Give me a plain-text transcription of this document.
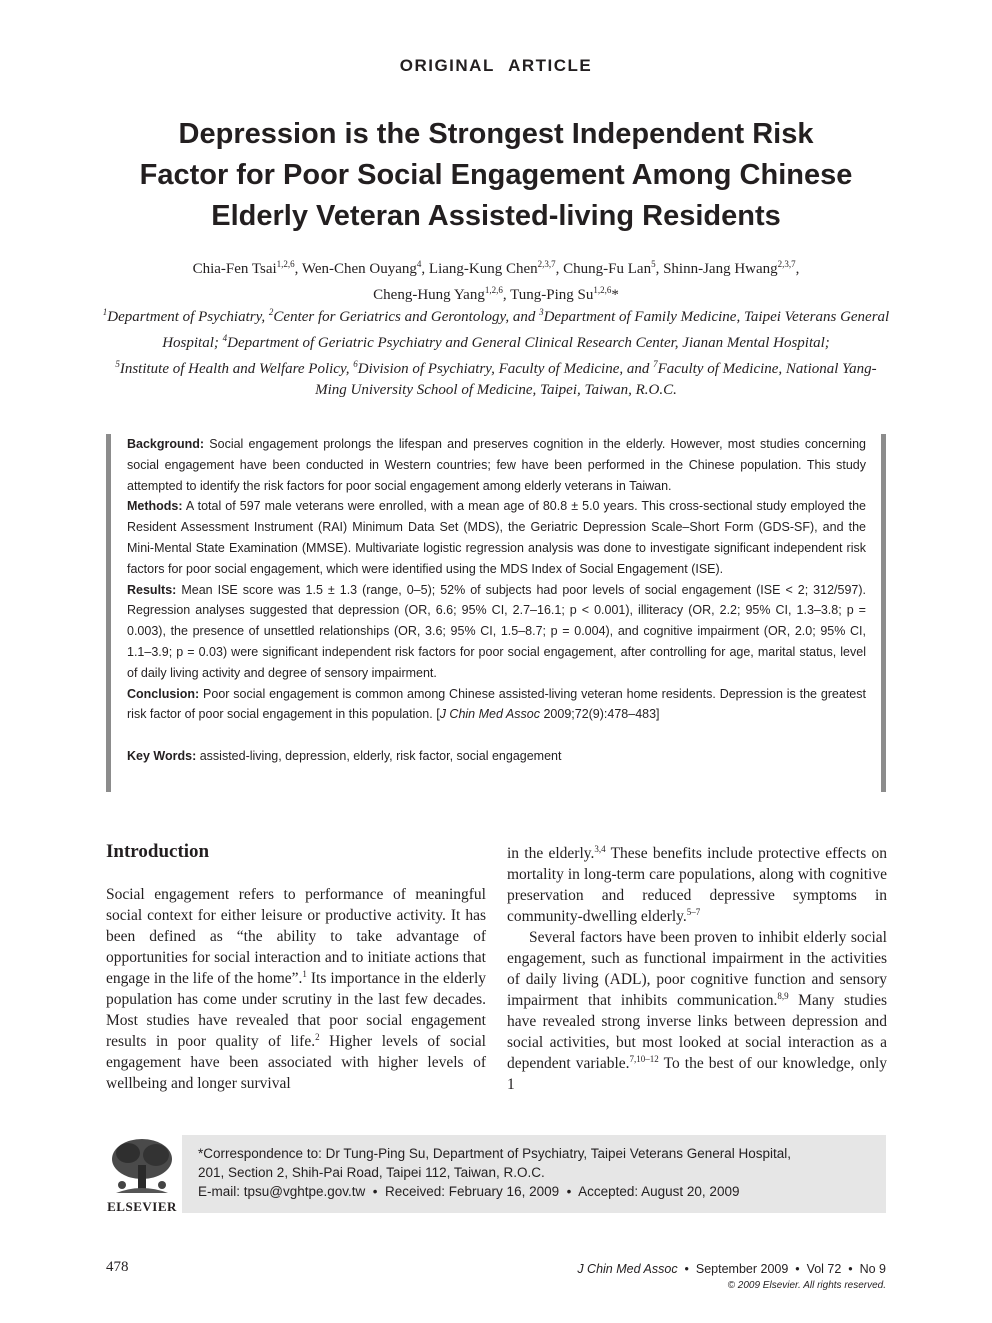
ORIGINAL ARTICLE
Depression is the Strongest Independent Risk
Factor for Poor Social Engagement Among Chinese
Elderly Veteran Assisted-living Residents
Chia-Fen Tsai$^{1,2,6}$, Wen-Chen Ouyang$^4$, Liang-Kung Chen$^{2,3,7}$, Chung-Fu Lan$^5$, Shinn-Jang Hwang$^{2,3,7}$,
Cheng-Hung Yang$^{1,2,6}$, Tung-Ping Su$^{1,2,6}$*
$^1$Department of Psychiatry, $^2$Center for Geriatrics and Gerontology, and $^3$Department of Family Medicine, Taipei Veterans General Hospital; $^4$Department of Geriatric Psychiatry and General Clinical Research Center, Jianan Mental Hospital;
$^5$Institute of Health and Welfare Policy, $^6$Division of Psychiatry, Faculty of Medicine, and $^7$Faculty of Medicine, National Yang-Ming University School of Medicine, Taipei, Taiwan, R.O.C.

Background: Social engagement prolongs the lifespan and preserves cognition in the elderly. However, most studies concerning social engagement have been conducted in Western countries; few have been performed in the Chinese population. This study attempted to identify the risk factors for poor social engagement among elderly veterans in Taiwan.

Methods: A total of 597 male veterans were enrolled, with a mean age of 80.8 ± 5.0 years. This cross-sectional study employed the Resident Assessment Instrument (RAI) Minimum Data Set (MDS), the Geriatric Depression Scale–Short Form (GDS-SF), and the Mini-Mental State Examination (MMSE). Multivariate logistic regression analysis was done to investigate significant independent risk factors for poor social engagement, which were identified using the MDS Index of Social Engagement (ISE).

Results: Mean ISE score was 1.5 ± 1.3 (range, 0–5); 52% of subjects had poor levels of social engagement (ISE < 2; 312/597). Regression analyses suggested that depression (OR, 6.6; 95% CI, 2.7–16.1; p < 0.001), illiteracy (OR, 2.2; 95% CI, 1.3–3.8; p = 0.003), the presence of unsettled relationships (OR, 3.6; 95% CI, 1.5–8.7; p = 0.004), and cognitive impairment (OR, 2.0; 95% CI, 1.1–3.9; p = 0.03) were significant independent risk factors for poor social engagement, after controlling for age, marital status, level of daily living activity and degree of sensory impairment.

Conclusion: Poor social engagement is common among Chinese assisted-living veteran home residents. Depression is the greatest risk factor of poor social engagement in this population. [J Chin Med Assoc 2009;72(9):478–483]

Key Words: assisted-living, depression, elderly, risk factor, social engagement

Introduction

Social engagement refers to performance of meaningful social context for either leisure or productive activity. It has been defined as “the ability to take advantage of opportunities for social interaction and to initiate actions that engage in the life of the home”.$^1$ Its importance in the elderly population has come under scrutiny in the last few decades. Most studies have revealed that poor social engagement results in poor quality of life.$^2$ Higher levels of social engagement have been associated with higher levels of wellbeing and longer survival

in the elderly.$^{3,4}$ These benefits include protective effects on mortality in long-term care populations, along with cognitive preservation and reduced depressive symptoms in community-dwelling elderly.$^{5-7}$

Several factors have been proven to inhibit elderly social engagement, such as functional impairment in the activities of daily living (ADL), poor cognitive function and sensory impairment that inhibits communication.$^{8,9}$ Many studies have revealed strong inverse links between depression and social activities, but most looked at social interaction as a dependent variable.$^{7,10-12}$ To the best of our knowledge, only 1

ELSEVIER
*Correspondence to: Dr Tung-Ping Su, Department of Psychiatry, Taipei Veterans General Hospital,
201, Section 2, Shih-Pai Road, Taipei 112, Taiwan, R.O.C.
E-mail: tpsu@vghtpe.gov.tw  •  Received: February 16, 2009  •  Accepted: August 20, 2009
478	J Chin Med Assoc  •  September 2009  •  Vol 72  •  No 9
© 2009 Elsevier. All rights reserved.
